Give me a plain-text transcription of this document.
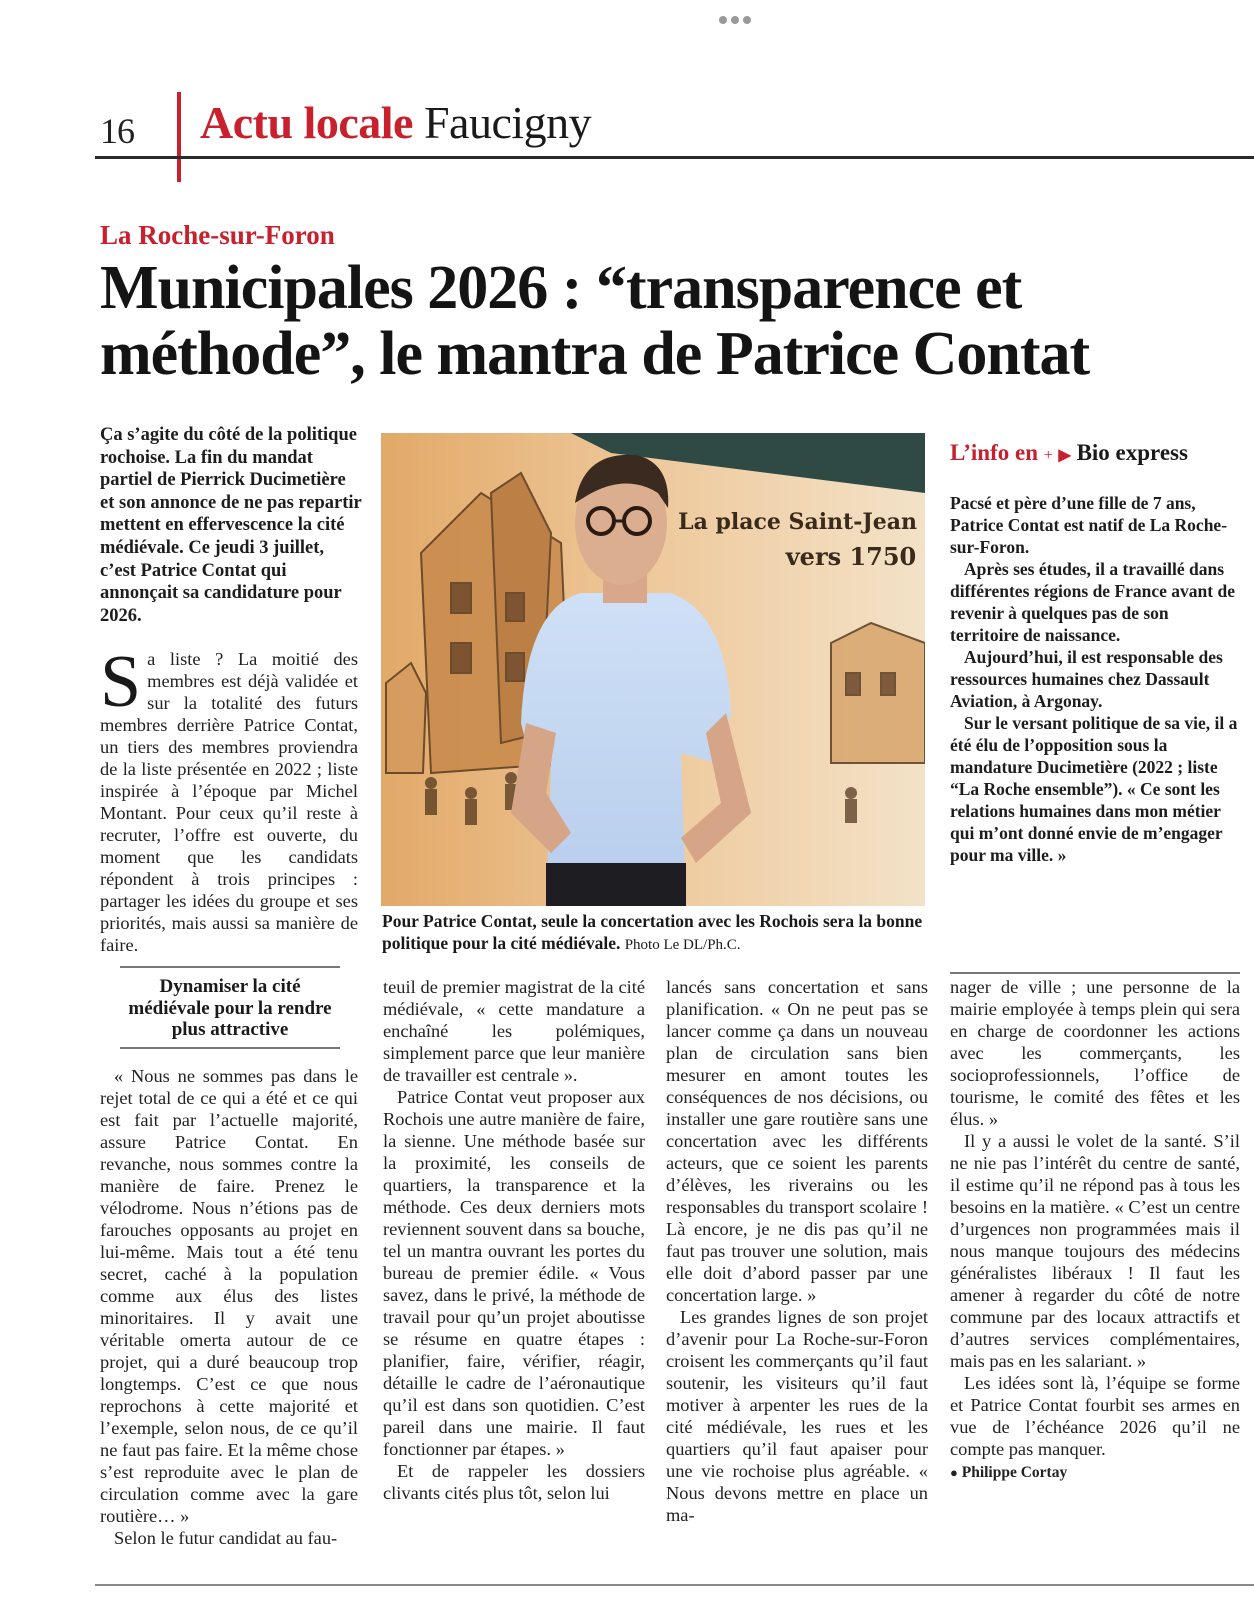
16 Actu locale Faucigny
La Roche-sur-Foron
Municipales 2026 : “transparence et méthode”, le mantra de Patrice Contat
Ça s’agite du côté de la politique rochoise. La fin du mandat partiel de Pierrick Ducimetière et son annonce de ne pas repartir mettent en effervescence la cité médiévale. Ce jeudi 3 juillet, c’est Patrice Contat qui annonçait sa candidature pour 2026.

Sa liste ? La moitié des membres est déjà validée et sur la totalité des futurs membres derrière Patrice Contat, un tiers des membres proviendra de la liste présentée en 2022 ; liste inspirée à l’époque par Michel Montant. Pour ceux qu’il reste à recruter, l’offre est ouverte, du moment que les candidats répondent à trois principes : partager les idées du groupe et ses priorités, mais aussi sa manière de faire.

La place Saint-Jean
vers 1750
Pour Patrice Contat, seule la concertation avec les Rochois sera la bonne politique pour la cité médiévale. Photo Le DL/Ph.C.
L’info en + ▶ Bio express

Pacsé et père d’une fille de 7 ans, Patrice Contat est natif de La Roche-sur-Foron.

Après ses études, il a travaillé dans différentes régions de France avant de revenir à quelques pas de son territoire de naissance.

Aujourd’hui, il est responsable des ressources humaines chez Dassault Aviation, à Argonay.

Sur le versant politique de sa vie, il a été élu de l’opposition sous la mandature Ducimetière (2022 ; liste “La Roche ensemble”). « Ce sont les relations humaines dans mon métier qui m’ont donné envie de m’engager pour ma ville. »

Dynamiser la cité médiévale pour la rendre plus attractive

« Nous ne sommes pas dans le rejet total de ce qui a été et ce qui est fait par l’actuelle majorité, assure Patrice Contat. En revanche, nous sommes contre la manière de faire. Prenez le vélodrome. Nous n’étions pas de farouches opposants au projet en lui-même. Mais tout a été tenu secret, caché à la population comme aux élus des listes minoritaires. Il y avait une véritable omerta autour de ce projet, qui a duré beaucoup trop longtemps. C’est ce que nous reprochons à cette majorité et l’exemple, selon nous, de ce qu’il ne faut pas faire. Et la même chose s’est reproduite avec le plan de circulation comme avec la gare routière… »

Selon le futur candidat au fau-

teuil de premier magistrat de la cité médiévale, « cette mandature a enchaîné les polémiques, simplement parce que leur manière de travailler est centrale ».

Patrice Contat veut proposer aux Rochois une autre manière de faire, la sienne. Une méthode basée sur la proximité, les conseils de quartiers, la transparence et la méthode. Ces deux derniers mots reviennent souvent dans sa bouche, tel un mantra ouvrant les portes du bureau de premier édile. « Vous savez, dans le privé, la méthode de travail pour qu’un projet aboutisse se résume en quatre étapes : planifier, faire, vérifier, réagir, détaille le cadre de l’aéronautique qu’il est dans son quotidien. C’est pareil dans une mairie. Il faut fonctionner par étapes. »

Et de rappeler les dossiers clivants cités plus tôt, selon lui

lancés sans concertation et sans planification. « On ne peut pas se lancer comme ça dans un nouveau plan de circulation sans bien mesurer en amont toutes les conséquences de nos décisions, ou installer une gare routière sans une concertation avec les différents acteurs, que ce soient les parents d’élèves, les riverains ou les responsables du transport scolaire ! Là encore, je ne dis pas qu’il ne faut pas trouver une solution, mais elle doit d’abord passer par une concertation large. »

Les grandes lignes de son projet d’avenir pour La Roche-sur-Foron croisent les commerçants qu’il faut soutenir, les visiteurs qu’il faut motiver à arpenter les rues de la cité médiévale, les rues et les quartiers qu’il faut apaiser pour une vie rochoise plus agréable. « Nous devons mettre en place un ma-

nager de ville ; une personne de la mairie employée à temps plein qui sera en charge de coordonner les actions avec les commerçants, les socioprofessionnels, l’office de tourisme, le comité des fêtes et les élus. »

Il y a aussi le volet de la santé. S’il ne nie pas l’intérêt du centre de santé, il estime qu’il ne répond pas à tous les besoins en la matière. « C’est un centre d’urgences non programmées mais il nous manque toujours des médecins généralistes libéraux ! Il faut les amener à regarder du côté de notre commune par des locaux attractifs et d’autres services complémentaires, mais pas en les salariant. »

Les idées sont là, l’équipe se forme et Patrice Contat fourbit ses armes en vue de l’échéance 2026 qu’il ne compte pas manquer.

● Philippe Cortay
